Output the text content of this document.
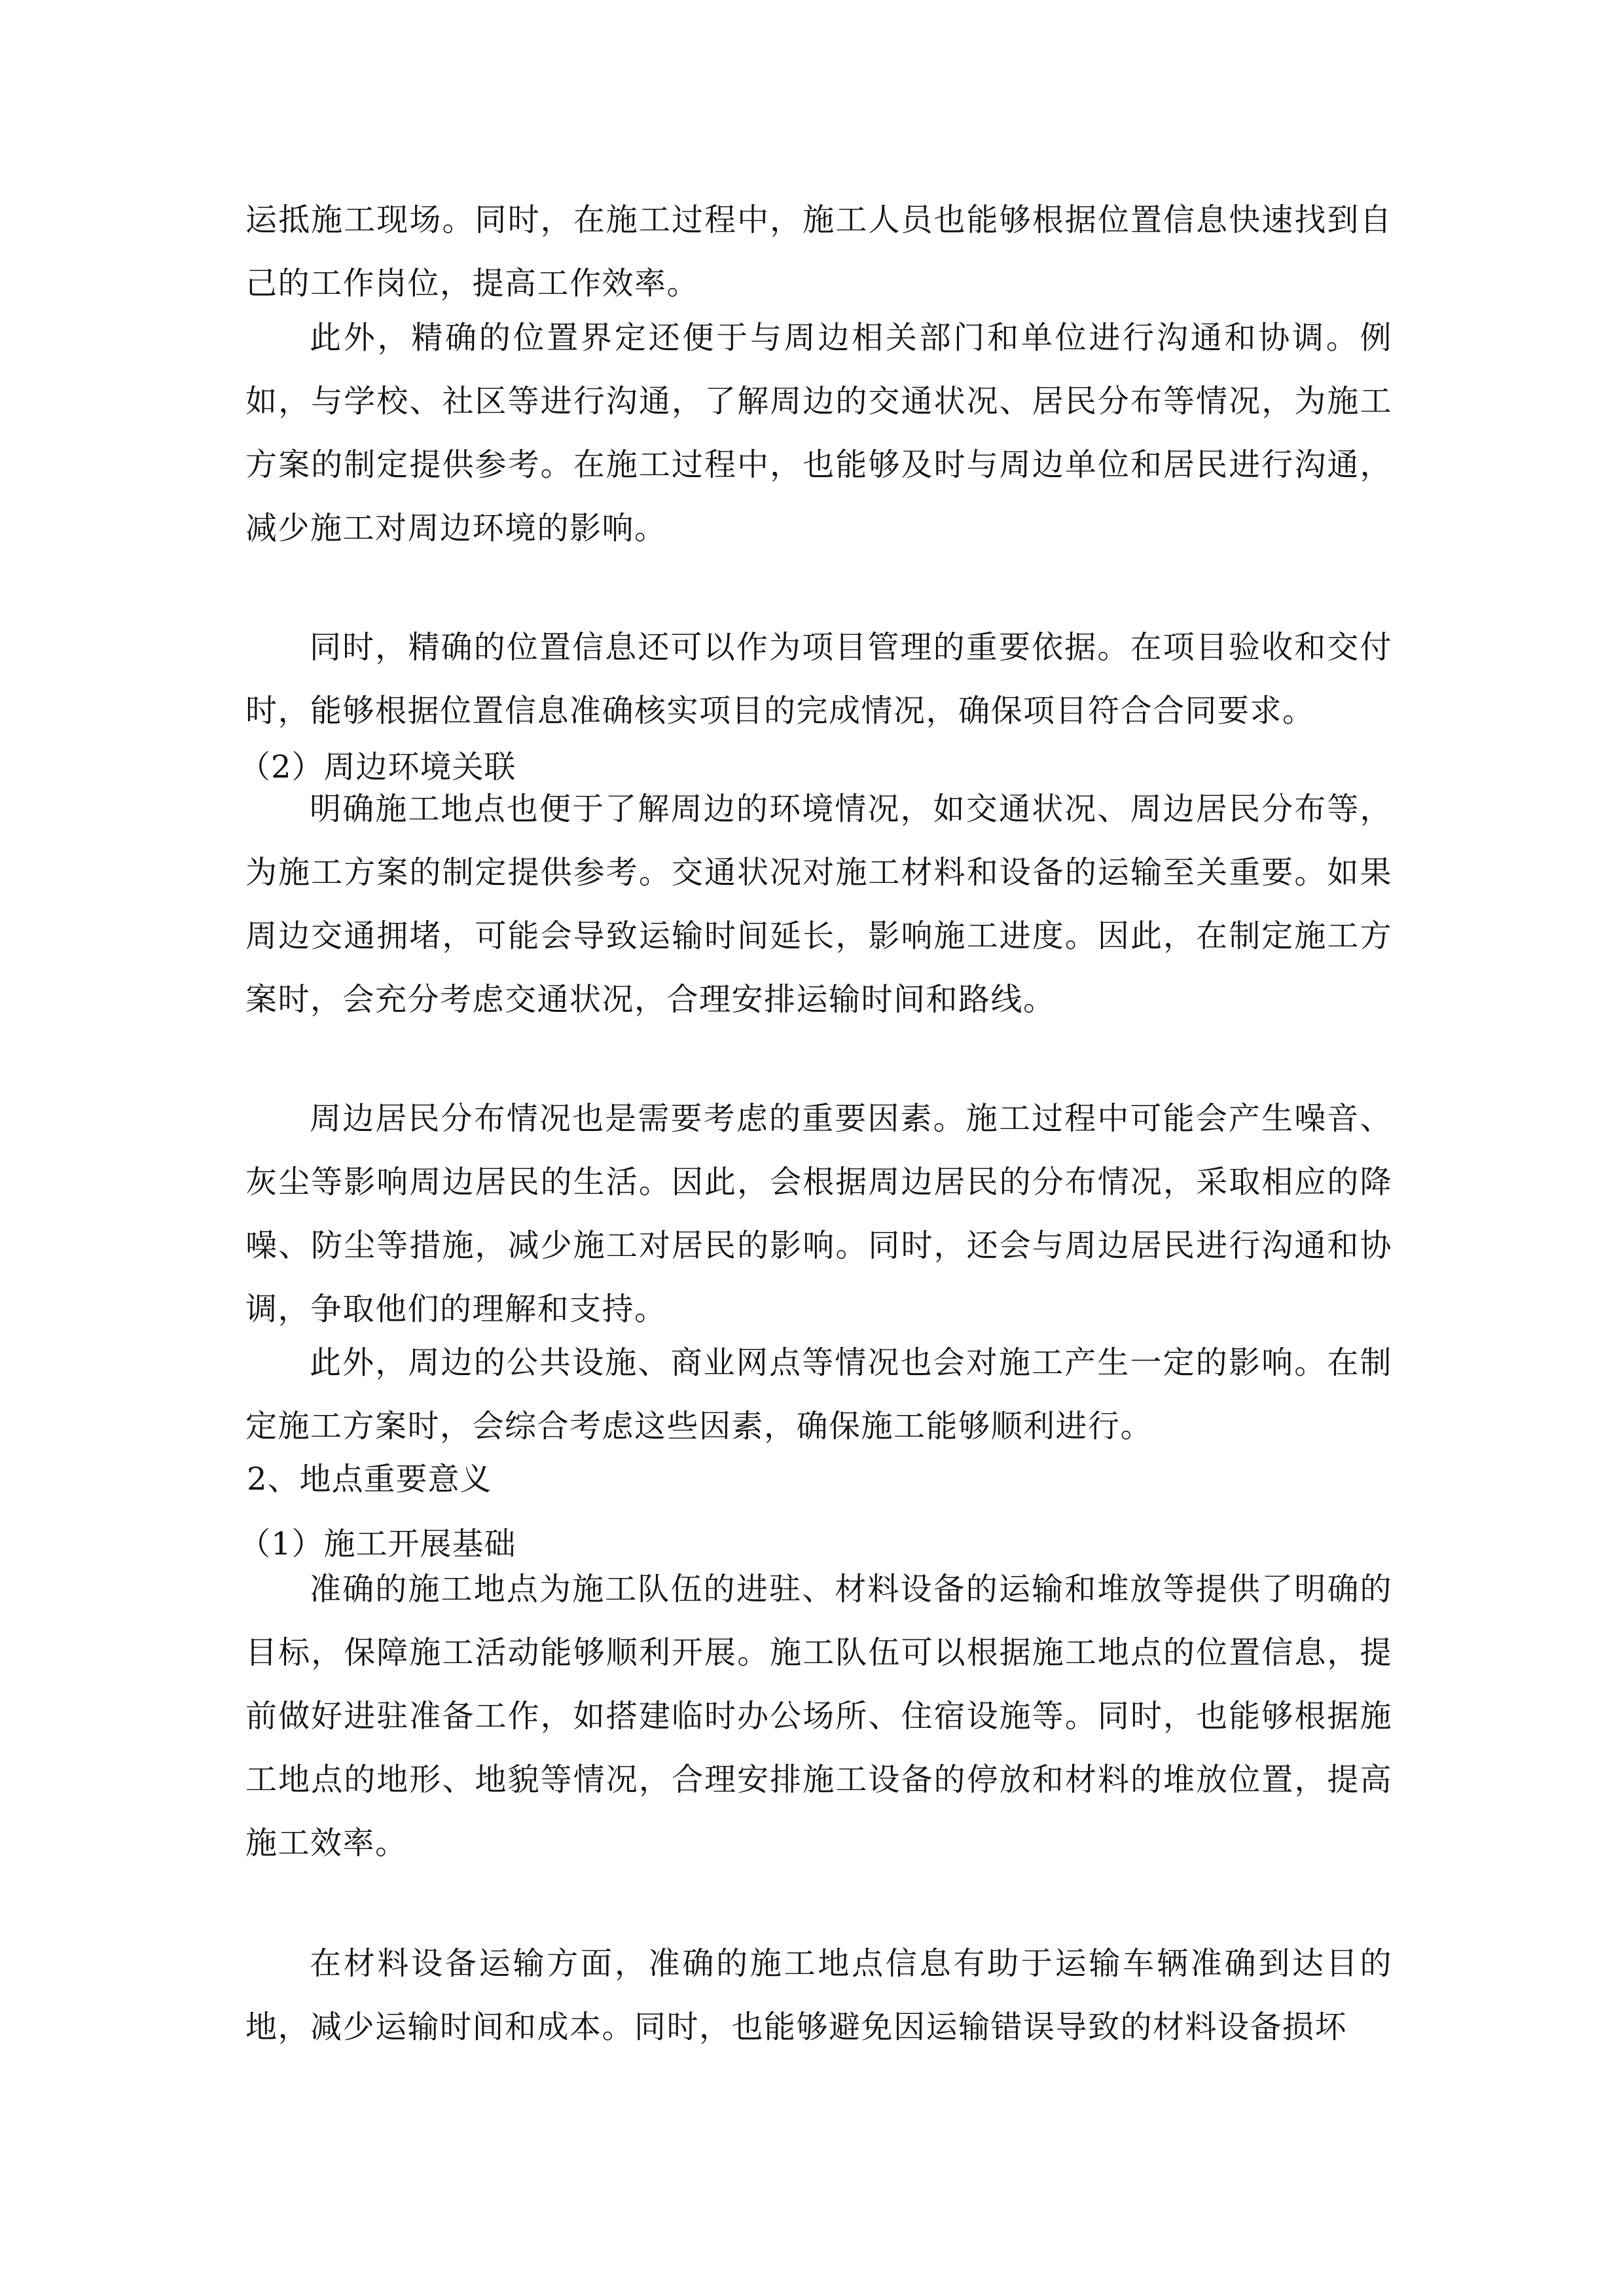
运抵施工现场。同时，在施工过程中，施工人员也能够根据位置信息快速找到自己的工作岗位，提高工作效率。

此外，精确的位置界定还便于与周边相关部门和单位进行沟通和协调。例如，与学校、社区等进行沟通，了解周边的交通状况、居民分布等情况，为施工方案的制定提供参考。在施工过程中，也能够及时与周边单位和居民进行沟通，减少施工对周边环境的影响。

同时，精确的位置信息还可以作为项目管理的重要依据。在项目验收和交付时，能够根据位置信息准确核实项目的完成情况，确保项目符合合同要求。

（2）周边环境关联

明确施工地点也便于了解周边的环境情况，如交通状况、周边居民分布等，为施工方案的制定提供参考。交通状况对施工材料和设备的运输至关重要。如果周边交通拥堵，可能会导致运输时间延长，影响施工进度。因此，在制定施工方案时，会充分考虑交通状况，合理安排运输时间和路线。

周边居民分布情况也是需要考虑的重要因素。施工过程中可能会产生噪音、灰尘等影响周边居民的生活。因此，会根据周边居民的分布情况，采取相应的降噪、防尘等措施，减少施工对居民的影响。同时，还会与周边居民进行沟通和协调，争取他们的理解和支持。

此外，周边的公共设施、商业网点等情况也会对施工产生一定的影响。在制定施工方案时，会综合考虑这些因素，确保施工能够顺利进行。

2、地点重要意义

（1）施工开展基础

准确的施工地点为施工队伍的进驻、材料设备的运输和堆放等提供了明确的目标，保障施工活动能够顺利开展。施工队伍可以根据施工地点的位置信息，提前做好进驻准备工作，如搭建临时办公场所、住宿设施等。同时，也能够根据施工地点的地形、地貌等情况，合理安排施工设备的停放和材料的堆放位置，提高施工效率。

在材料设备运输方面，准确的施工地点信息有助于运输车辆准确到达目的地，减少运输时间和成本。同时，也能够避免因运输错误导致的材料设备损坏
